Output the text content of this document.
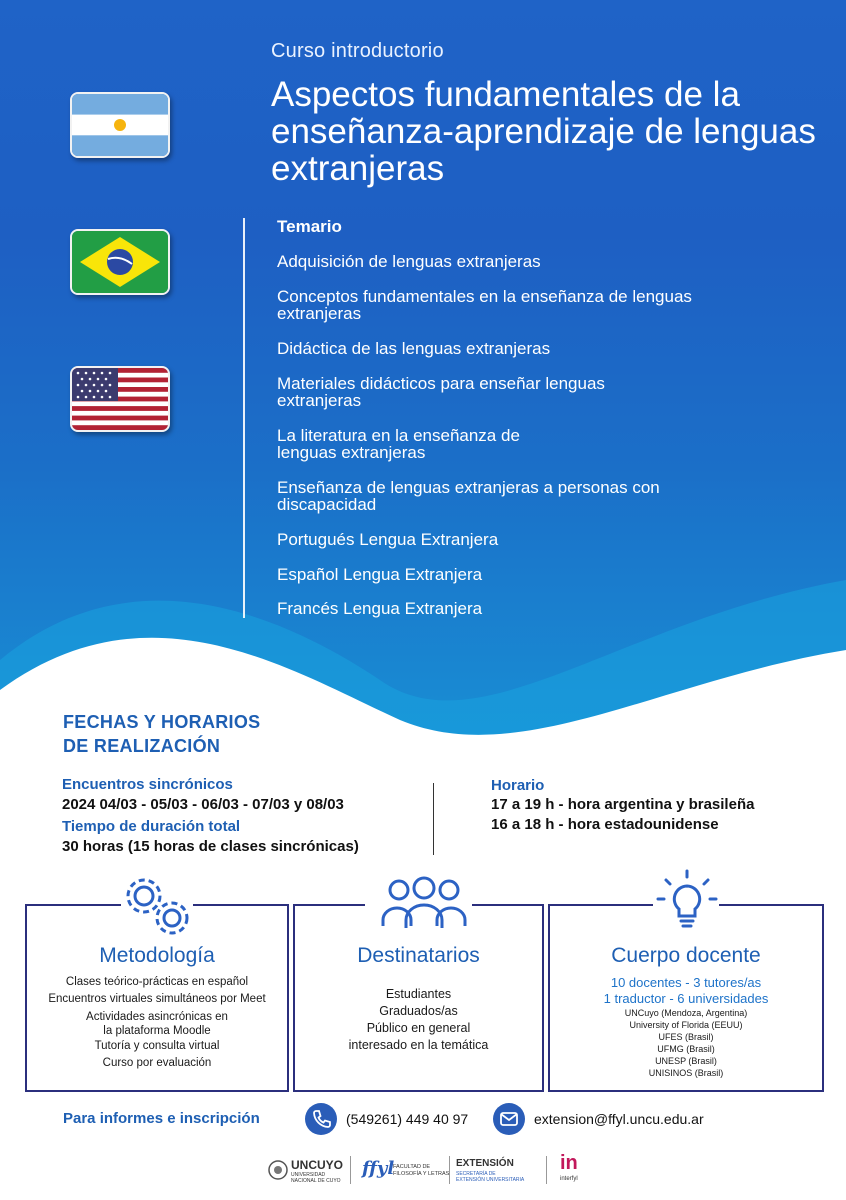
Curso introductorio
Aspectos fundamentales de la enseñanza-aprendizaje de lenguas extranjeras
Temario
Adquisición de lenguas extranjeras
Conceptos fundamentales en la enseñanza de lenguas extranjeras
Didáctica de las lenguas extranjeras
Materiales didácticos para enseñar lenguas extranjeras
La literatura en la enseñanza de lenguas extranjeras
Enseñanza de lenguas extranjeras a personas con discapacidad
Portugués Lengua Extranjera
Español Lengua Extranjera
Francés Lengua Extranjera
FECHAS Y HORARIOS
DE REALIZACIÓN
Encuentros sincrónicos
2024 04/03 - 05/03 - 06/03 - 07/03 y 08/03
Tiempo de duración total
30 horas (15 horas de clases sincrónicas)
Horario
17 a 19 h - hora argentina y brasileña
16 a 18 h - hora estadounidense
Metodología
Clases teórico-prácticas en español
Encuentros virtuales simultáneos por Meet
Actividades asincrónicas en
la plataforma Moodle
Tutoría y consulta virtual
Curso por evaluación
Destinatarios
Estudiantes
Graduados/as
Público en general
interesado en la temática
Cuerpo docente
10 docentes - 3 tutores/as
1 traductor - 6 universidades
UNCuyo (Mendoza, Argentina)
University of Florida (EEUU)
UFES (Brasil)
UFMG (Brasil)
UNESP (Brasil)
UNISINOS (Brasil)
Para informes e inscripción	(549261) 449 40 97	extension@ffyl.uncu.edu.ar
UNCUYO
UNIVERSIDAD
NACIONAL DE CUYO
ffyl
FACULTAD DE
FILOSOFÍA Y LETRAS
EXTENSIÓN
SECRETARÍA DE
EXTENSIÓN UNIVERSITARIA
in
interfyl
